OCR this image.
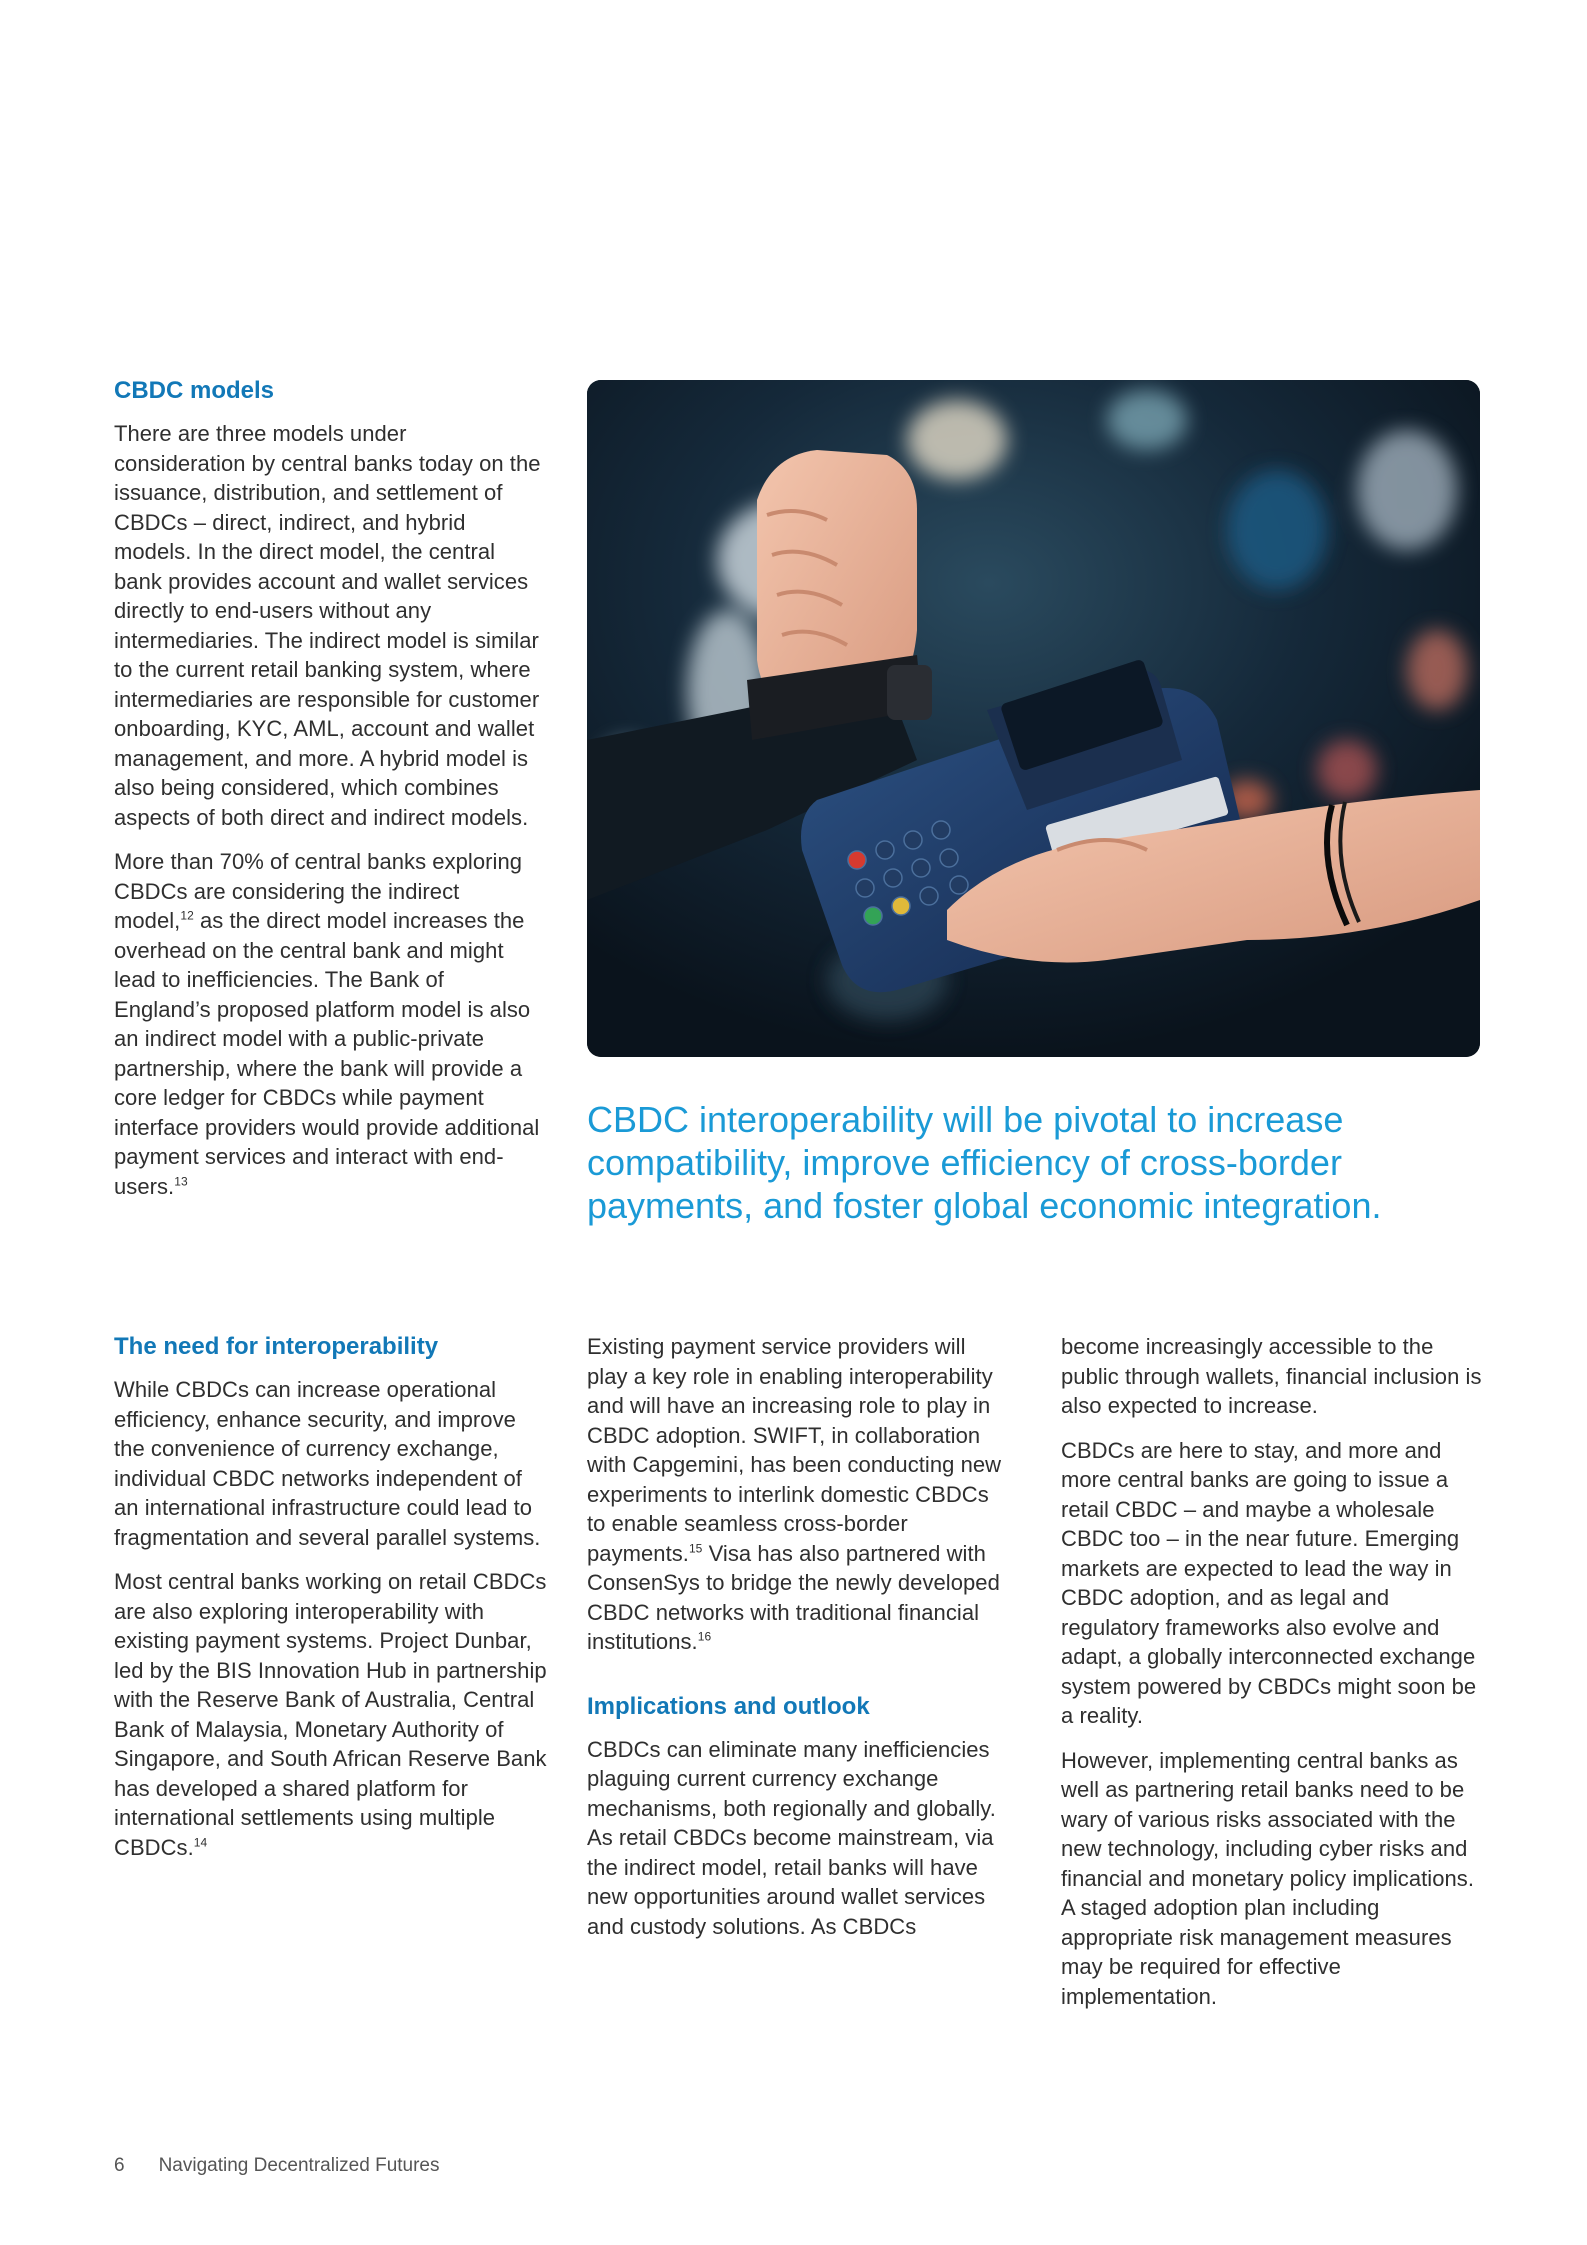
CBDC models

There are three models under consideration by central banks today on the issuance, distribution, and settlement of CBDCs – direct, indirect, and hybrid models. In the direct model, the central bank provides account and wallet services directly to end-users without any intermediaries. The indirect model is similar to the current retail banking system, where intermediaries are responsible for customer onboarding, KYC, AML, account and wallet management, and more. A hybrid model is also being considered, which combines aspects of both direct and indirect models.

More than 70% of central banks exploring CBDCs are considering the indirect model,$^{12}$ as the direct model increases the overhead on the central bank and might lead to inefficiencies. The Bank of England’s proposed platform model is also an indirect model with a public-private partnership, where the bank will provide a core ledger for CBDCs while payment interface providers would provide additional payment services and interact with end-users.$^{13}$

CBDC interoperability will be pivotal to increase compatibility, improve efficiency of cross-border payments, and foster global economic integration.

The need for interoperability

While CBDCs can increase operational efficiency, enhance security, and improve the convenience of currency exchange, individual CBDC networks independent of an international infrastructure could lead to fragmentation and several parallel systems.

Most central banks working on retail CBDCs are also exploring interoperability with existing payment systems. Project Dunbar, led by the BIS Innovation Hub in partnership with the Reserve Bank of Australia, Central Bank of Malaysia, Monetary Authority of Singapore, and South African Reserve Bank has developed a shared platform for international settlements using multiple CBDCs.$^{14}$

Existing payment service providers will play a key role in enabling interoperability and will have an increasing role to play in CBDC adoption. SWIFT, in collaboration with Capgemini, has been conducting new experiments to interlink domestic CBDCs to enable seamless cross-border payments.$^{15}$ Visa has also partnered with ConsenSys to bridge the newly developed CBDC networks with traditional financial institutions.$^{16}$

Implications and outlook

CBDCs can eliminate many inefficiencies plaguing current currency exchange mechanisms, both regionally and globally. As retail CBDCs become mainstream, via the indirect model, retail banks will have new opportunities around wallet services and custody solutions. As CBDCs

become increasingly accessible to the public through wallets, financial inclusion is also expected to increase.

CBDCs are here to stay, and more and more central banks are going to issue a retail CBDC – and maybe a wholesale CBDC too – in the near future. Emerging markets are expected to lead the way in CBDC adoption, and as legal and regulatory frameworks also evolve and adapt, a globally interconnected exchange system powered by CBDCs might soon be a reality.

However, implementing central banks as well as partnering retail banks need to be wary of various risks associated with the new technology, including cyber risks and financial and monetary policy implications. A staged adoption plan including appropriate risk management measures may be required for effective implementation.

6 Navigating Decentralized Futures
